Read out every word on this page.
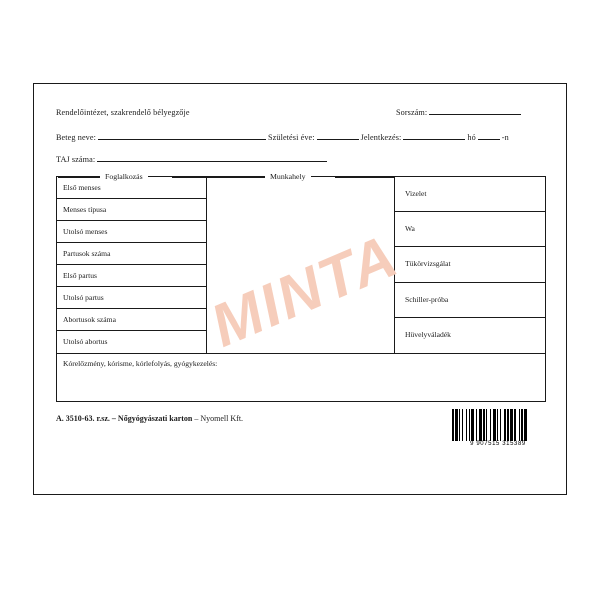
Rendelőintézet, szakrendelő bélyegzője	Sorszám:
Beteg neve:	Születési éve:	Jelentkezés:	hó	-n
TAJ száma:
Foglalkozás	Munkahely
Első menses
Menses típusa
Utolsó menses
Partusok száma
Első partus
Utolsó partus
Abortusok száma
Utolsó abortus
Vizelet
Wa
Tükörvizsgálat
Schiller-próba
Hüvelyváladék
Kórelőzmény, kórisme, kórlefolyás, gyógykezelés:
A. 3510-63. r.sz. – Nőgyógyászati karton – Nyomell Kft.
9 907515 315389
MINTA
